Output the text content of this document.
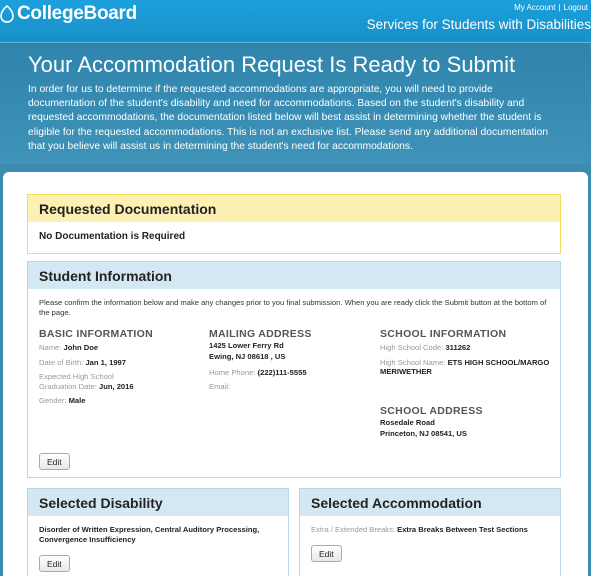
CollegeBoard	My Account | Logout
Services for Students with Disabilities
Your Accommodation Request Is Ready to Submit

In order for us to determine if the requested accommodations are appropriate, you will need to provide documentation of the student's disability and need for accommodations. Based on the student's disability and requested accommodations, the documentation listed below will best assist in determining whether the student is eligible for the requested accommodations. This is not an exclusive list. Please send any additional documentation that you believe will assist us in determining the student's need for accommodations.

Requested Documentation
No Documentation is Required
Student Information
Please confirm the information below and make any changes prior to you final submission. When you are ready click the Submit button at the bottom of the page.
BASIC INFORMATION
Name: John Doe
Date of Birth: Jan 1, 1997
Expected High School Graduation Date: Jun, 2016
Gender: Male
MAILING ADDRESS
1425 Lower Ferry Rd
Ewing, NJ 08618 , US
Home Phone: (222)111-5555
Email:
SCHOOL INFORMATION
High School Code: 311262
High School Name: ETS HIGH SCHOOL/MARGO MERIWETHER
SCHOOL ADDRESS
Rosedale Road
Princeton, NJ 08541, US
Edit
Selected Disability
Disorder of Written Expression, Central Auditory Processing, Convergence Insufficiency
Edit
Selected Accommodation
Extra / Extended Breaks: Extra Breaks Between Test Sections
Edit
